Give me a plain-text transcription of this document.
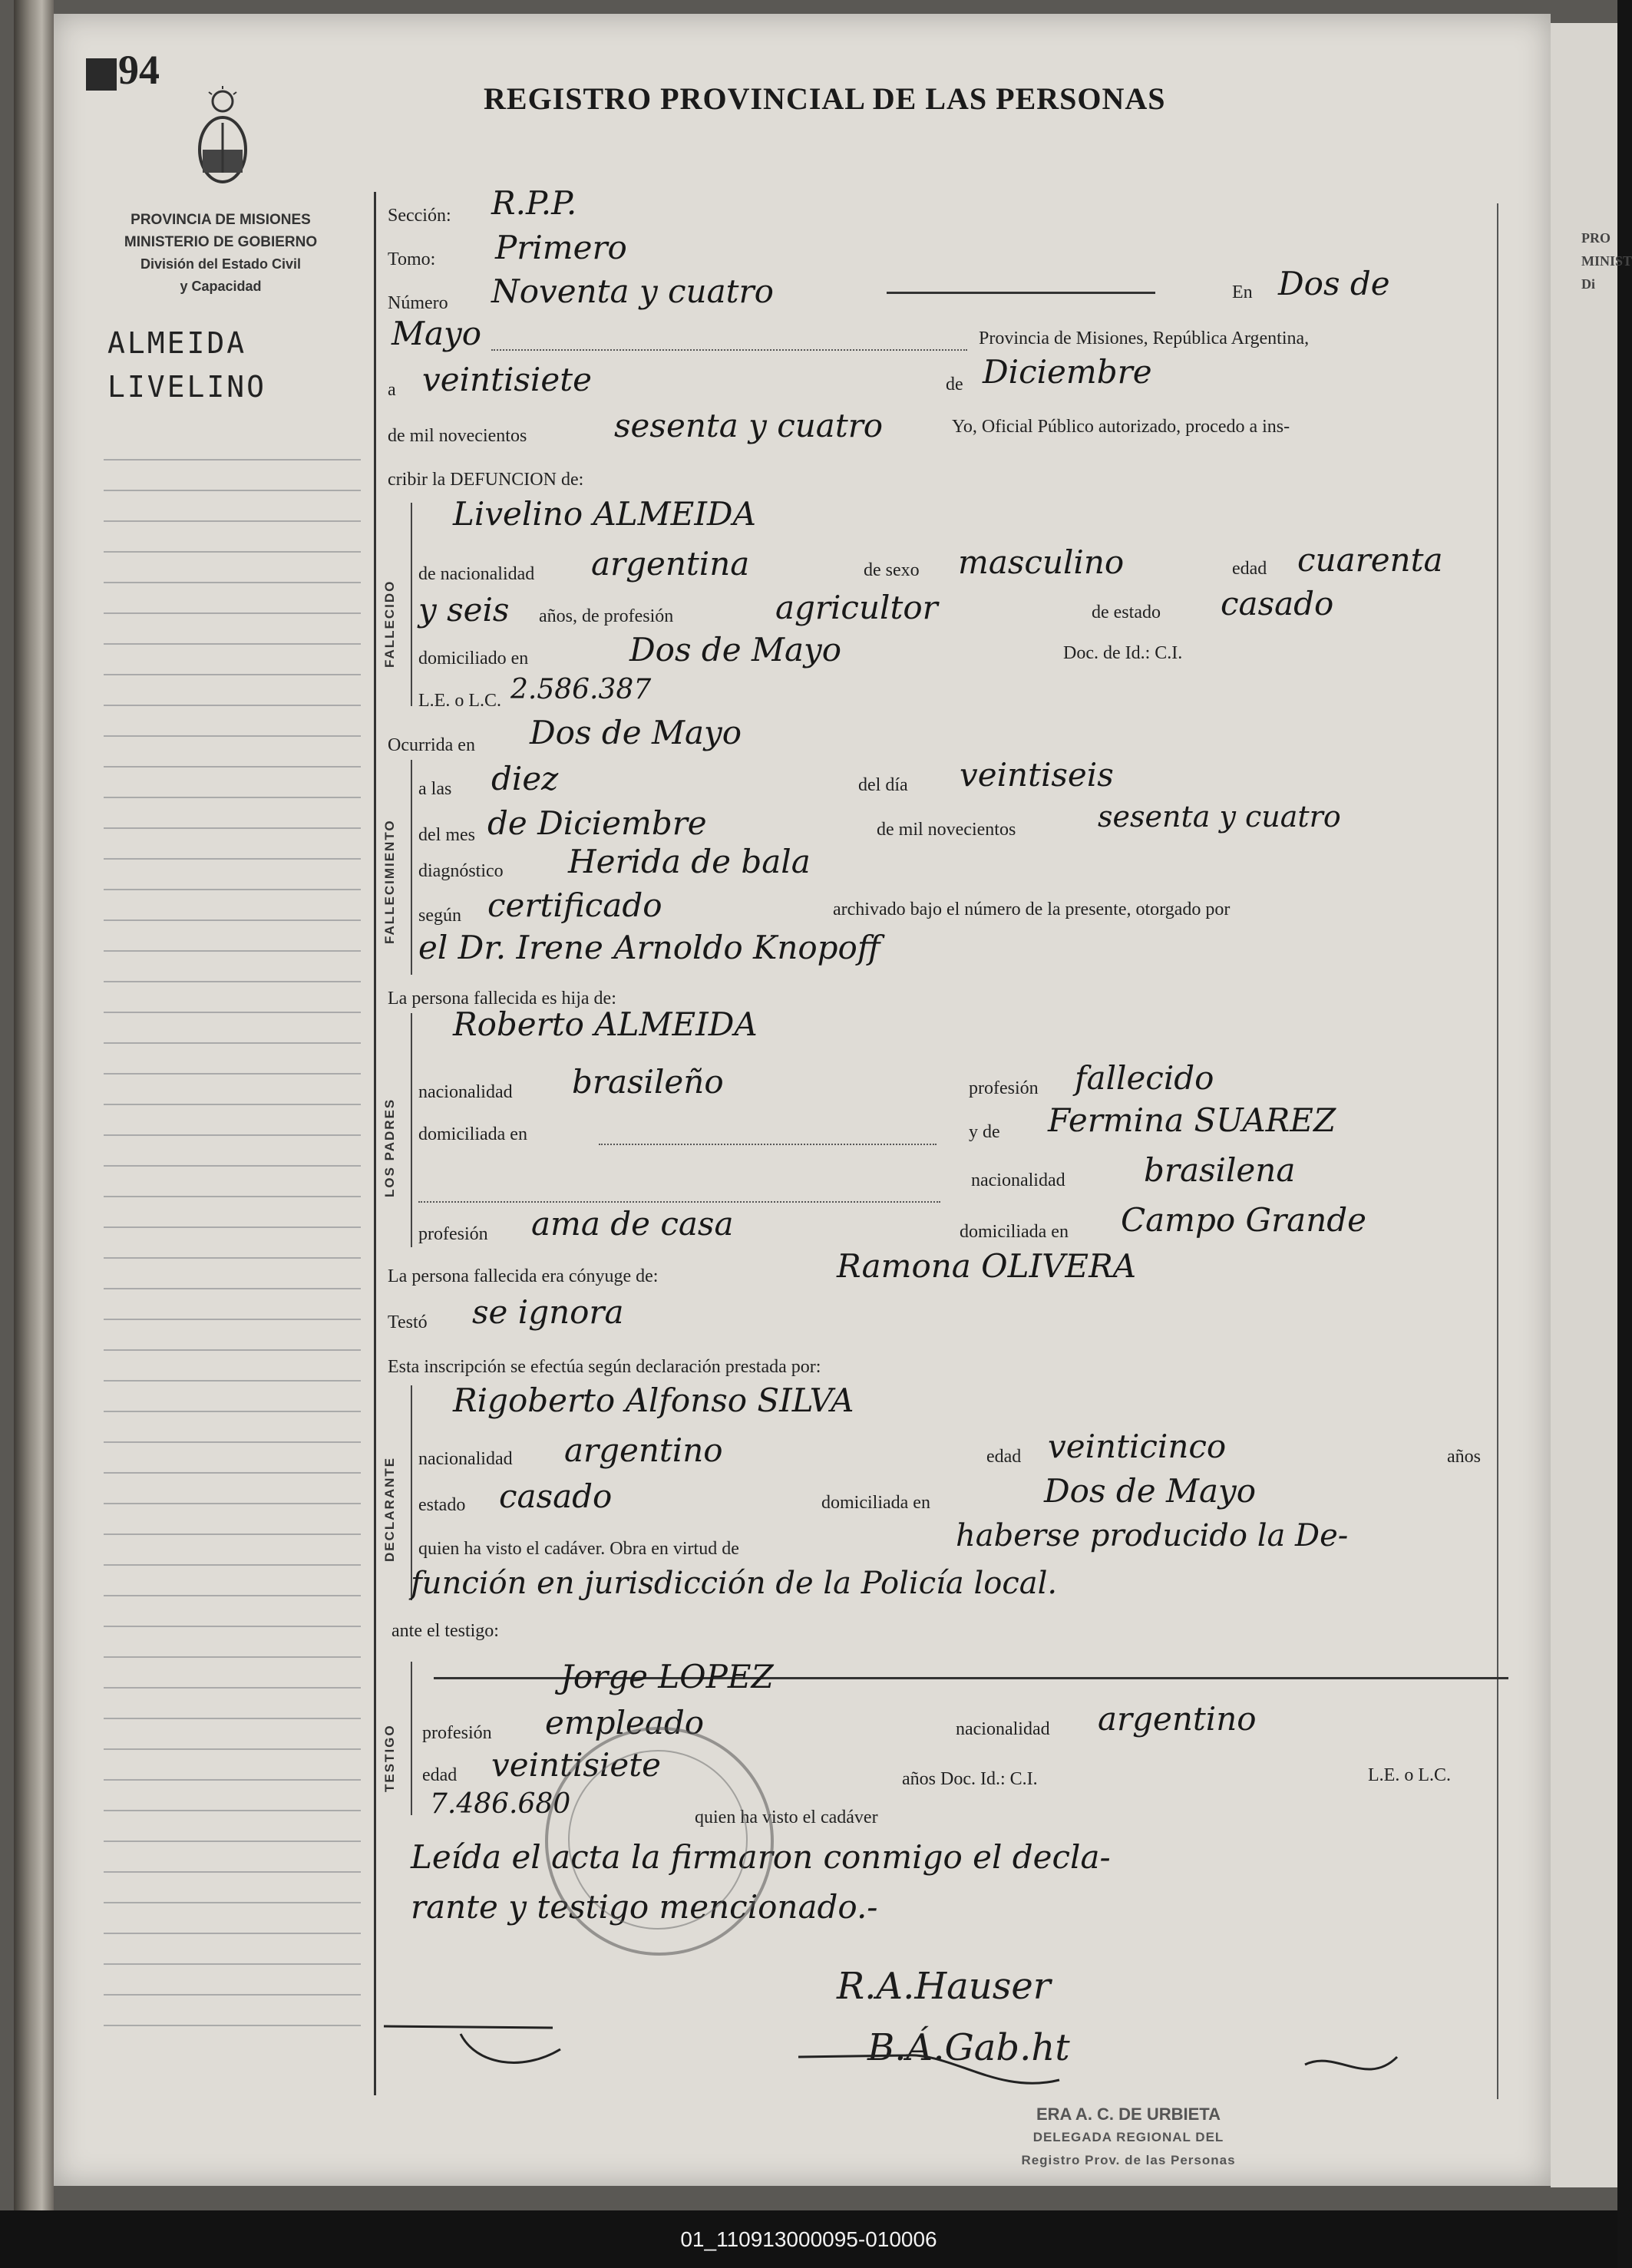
PRO
MINIST
Di
94
REGISTRO PROVINCIAL DE LAS PERSONAS
PROVINCIA DE MISIONES
MINISTERIO DE GOBIERNO
División del Estado Civil
y Capacidad
ALMEIDA
LIVELINO
Sección: R.P.P.
Tomo: Primero
Número Noventa y cuatro	En Dos de
Mayo	Provincia de Misiones, República Argentina,
a veintisiete	de Diciembre
de mil novecientos	sesenta y cuatro	Yo, Oficial Público autorizado, procedo a ins-
cribir la DEFUNCION de:
FALLECIDO
Livelino ALMEIDA
de nacionalidad argentina	de sexo masculino	edad cuarenta
y seis años, de profesión	agricultor	de estado casado
domiciliado en	Dos de Mayo	Doc. de Id.: C.I.
L.E. o L.C. 2.586.387
Ocurrida en Dos de Mayo
FALLECIMIENTO
a las diez	del día veintiseis
del mes de Diciembre	de mil novecientos	sesenta y cuatro
diagnóstico Herida de bala
según certificado	archivado bajo el número de la presente, otorgado por
el Dr. Irene Arnoldo Knopoff
La persona fallecida es hija de:
LOS PADRES
Roberto ALMEIDA
nacionalidad brasileño	profesión fallecido
domiciliada en	y de Fermina SUAREZ
nacionalidad brasilena
profesión ama de casa	domiciliada en Campo Grande
La persona fallecida era cónyuge de:	Ramona OLIVERA
Testó se ignora
Esta inscripción se efectúa según declaración prestada por:
DECLARANTE
Rigoberto Alfonso SILVA
nacionalidad argentino	edad veinticinco	años
estado casado	domiciliada en	Dos de Mayo
quien ha visto el cadáver. Obra en virtud de	haberse producido la De-
función en jurisdicción de la Policía local.
ante el testigo:
TESTIGO
Jorge LOPEZ
profesión empleado	nacionalidad argentino
edad veintisiete	años Doc. Id.: C.I.	L.E. o L.C.
7.486.680	quien ha visto el cadáver
Leída el acta la firmaron conmigo el decla-
rante y testigo mencionado.-
R.A.Hauser
B.Á.Gab.ht
ERA A. C. DE URBIETA
DELEGADA REGIONAL DEL
Registro Prov. de las Personas
01_110913000095-010006
